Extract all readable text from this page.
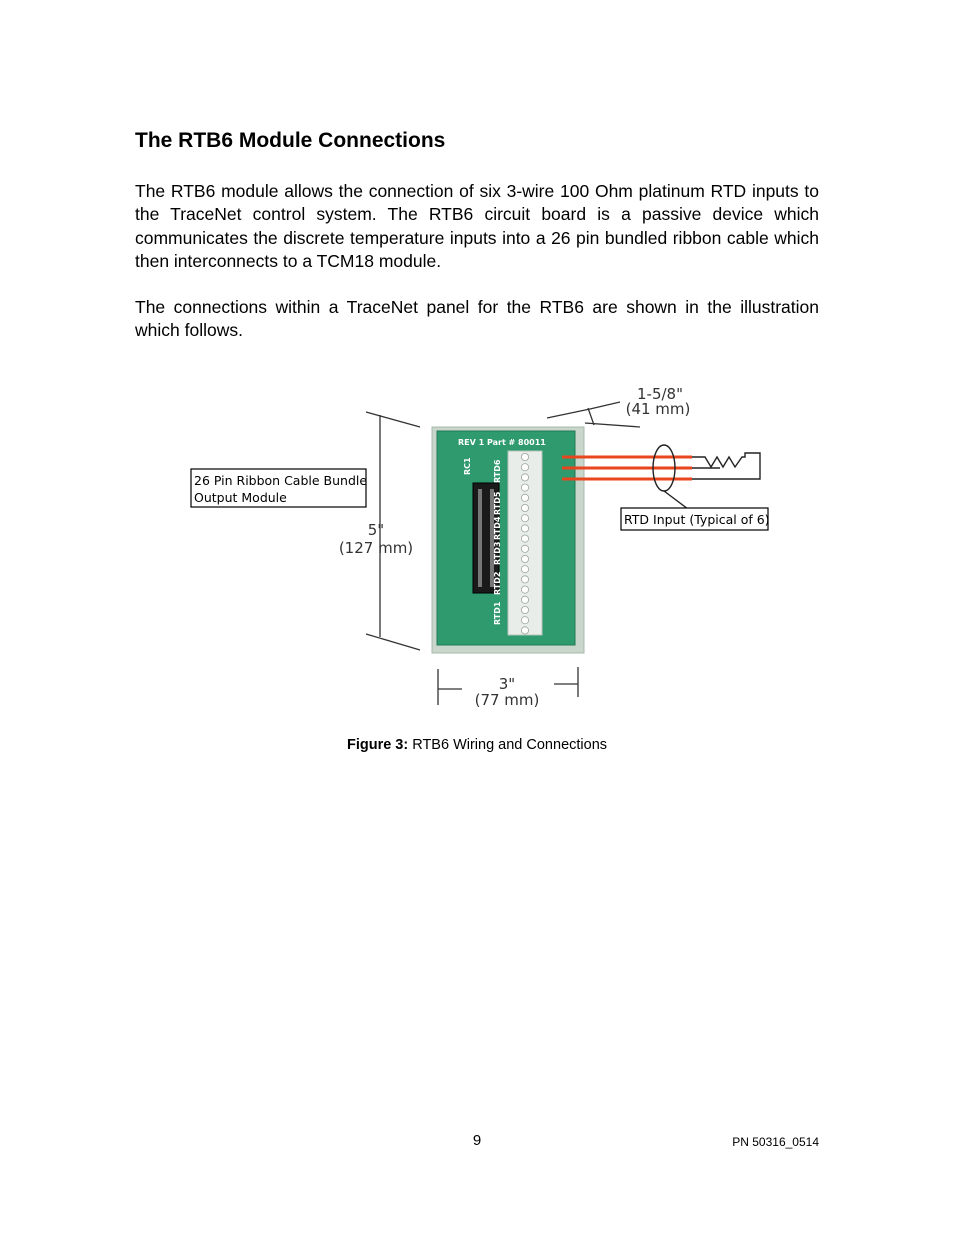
The RTB6 Module Connections

The RTB6 module allows the connection of six 3-wire 100 Ohm platinum RTD inputs to the TraceNet control system. The RTB6 circuit board is a passive device which communicates the discrete temperature inputs into a 26 pin bundled ribbon cable which then interconnects to a TCM18 module.

The connections within a TraceNet panel for the RTB6 are shown in the illustration which follows.

5"
(127 mm)
1-5/8"
(41 mm)
REV 1 Part # 80011
RC1	RTD6
RTD5
RTD4
RTD3
RTD2
RTD1
3"
(77 mm)
26 Pin Ribbon Cable Bundle
Output Module
RTD Input (Typical of 6)
Figure 3: RTB6 Wiring and Connections
9	PN 50316_0514
